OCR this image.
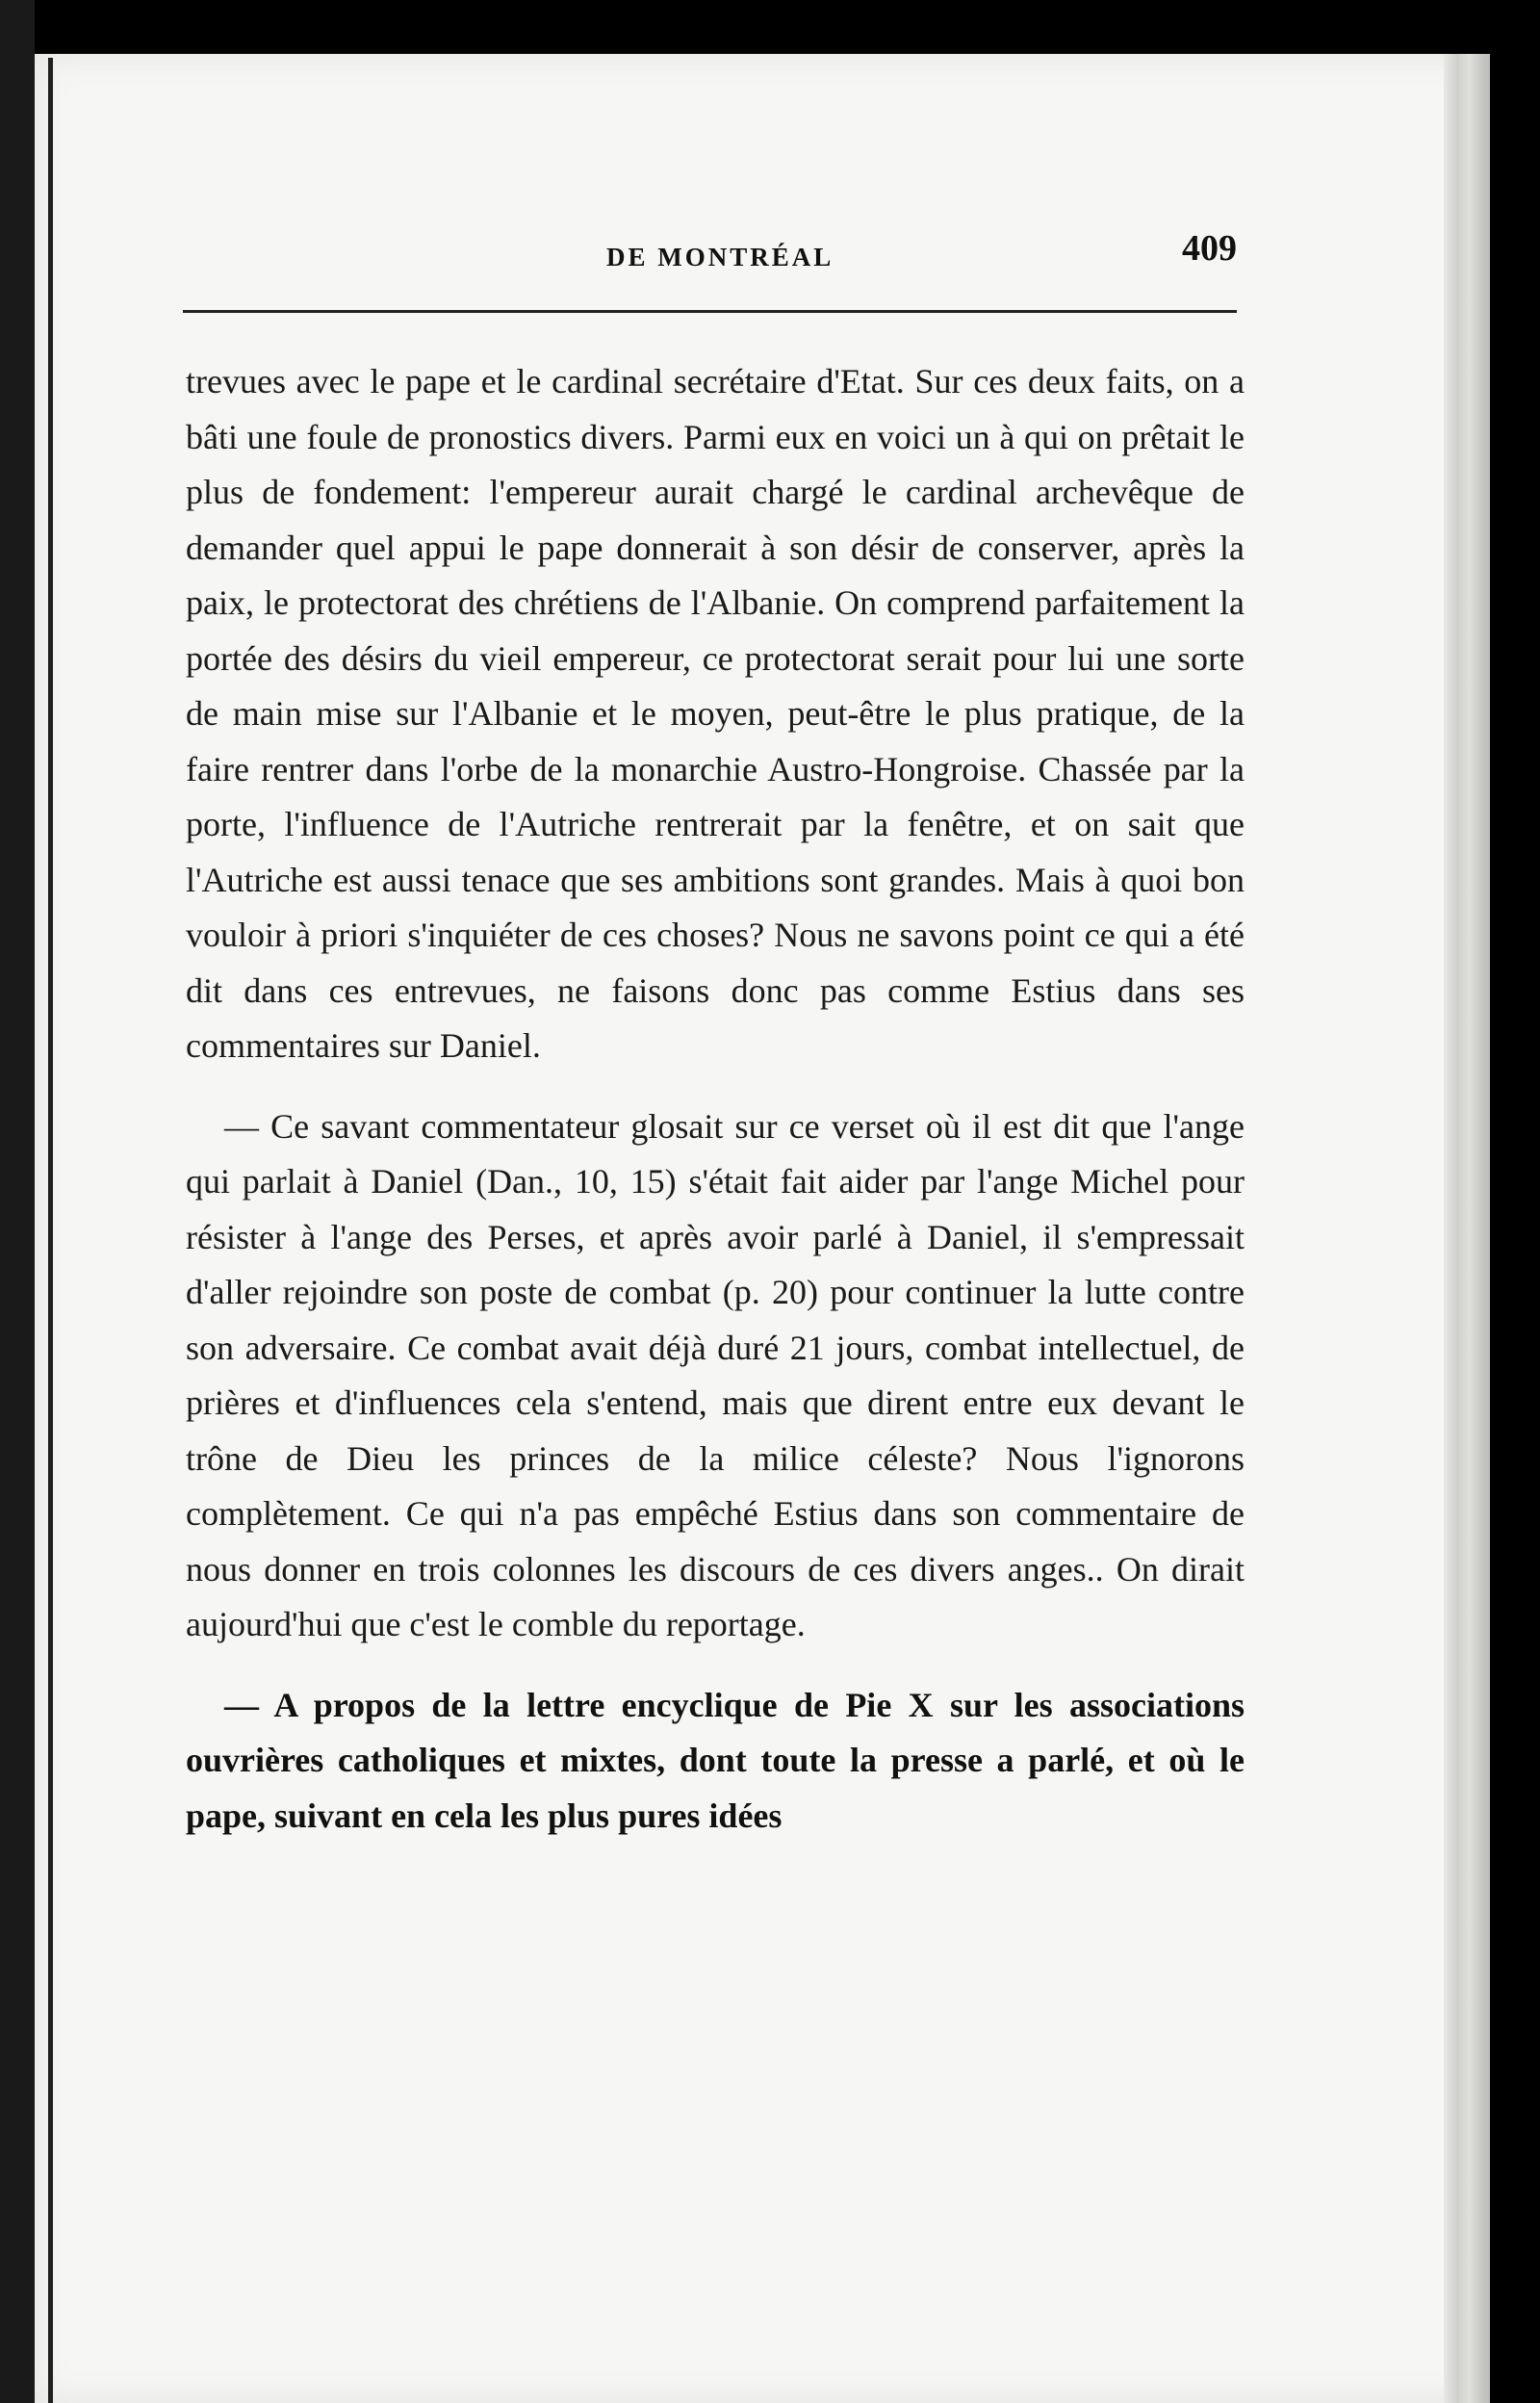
DE MONTRÉAL	409

trevues avec le pape et le cardinal secrétaire d'Etat. Sur ces deux faits, on a bâti une foule de pronostics divers. Parmi eux en voici un à qui on prêtait le plus de fondement: l'empereur aurait chargé le cardinal archevêque de demander quel appui le pape donnerait à son désir de conserver, après la paix, le protectorat des chrétiens de l'Albanie. On comprend parfaitement la portée des désirs du vieil empereur, ce protectorat serait pour lui une sorte de main mise sur l'Albanie et le moyen, peut-être le plus pratique, de la faire rentrer dans l'orbe de la monarchie Austro-Hongroise. Chassée par la porte, l'influence de l'Autriche rentrerait par la fenêtre, et on sait que l'Autriche est aussi tenace que ses ambitions sont grandes. Mais à quoi bon vouloir à priori s'inquiéter de ces choses? Nous ne savons point ce qui a été dit dans ces entrevues, ne faisons donc pas comme Estius dans ses commentaires sur Daniel.

— Ce savant commentateur glosait sur ce verset où il est dit que l'ange qui parlait à Daniel (Dan., 10, 15) s'était fait aider par l'ange Michel pour résister à l'ange des Perses, et après avoir parlé à Daniel, il s'empressait d'aller rejoindre son poste de combat (p. 20) pour continuer la lutte contre son adversaire. Ce combat avait déjà duré 21 jours, combat intellectuel, de prières et d'influences cela s'entend, mais que dirent entre eux devant le trône de Dieu les princes de la milice céleste? Nous l'ignorons complètement. Ce qui n'a pas empêché Estius dans son commentaire de nous donner en trois colonnes les discours de ces divers anges.. On dirait aujourd'hui que c'est le comble du reportage.

— A propos de la lettre encyclique de Pie X sur les associations ouvrières catholiques et mixtes, dont toute la presse a parlé, et où le pape, suivant en cela les plus pures idées
